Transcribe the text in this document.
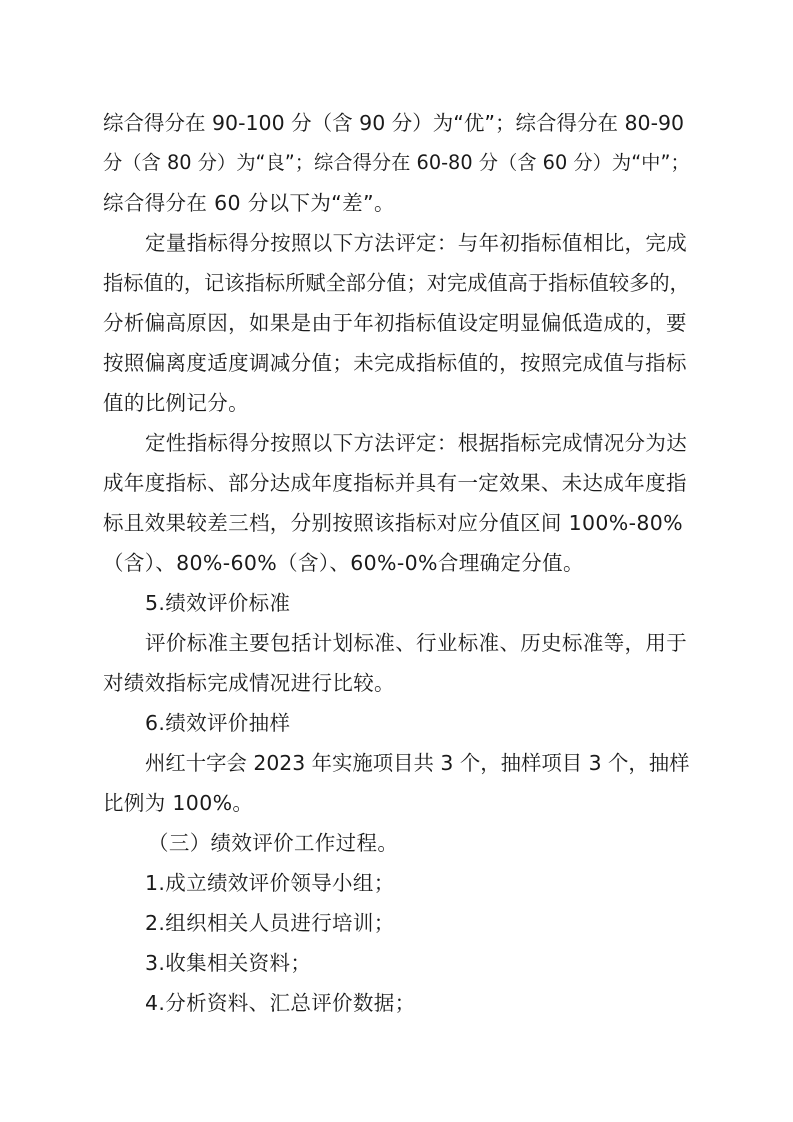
综合得分在 90-100 分（含 90 分）为“优”；综合得分在 80-90

分（含 80 分）为“良”；综合得分在 60-80 分（含 60 分）为“中”；

综合得分在 60 分以下为“差”。

定量指标得分按照以下方法评定：与年初指标值相比，完成

指标值的，记该指标所赋全部分值；对完成值高于指标值较多的，

分析偏高原因，如果是由于年初指标值设定明显偏低造成的，要

按照偏离度适度调减分值；未完成指标值的，按照完成值与指标

值的比例记分。

定性指标得分按照以下方法评定：根据指标完成情况分为达

成年度指标、部分达成年度指标并具有一定效果、未达成年度指

标且效果较差三档，分别按照该指标对应分值区间 100%-80%

（含）、80%-60%（含）、60%-0%合理确定分值。

5.绩效评价标准

评价标准主要包括计划标准、行业标准、历史标准等，用于

对绩效指标完成情况进行比较。

6.绩效评价抽样

州红十字会 2023 年实施项目共 3 个，抽样项目 3 个，抽样

比例为 100%。

（三）绩效评价工作过程。

1.成立绩效评价领导小组；

2.组织相关人员进行培训；

3.收集相关资料；

4.分析资料、汇总评价数据；
